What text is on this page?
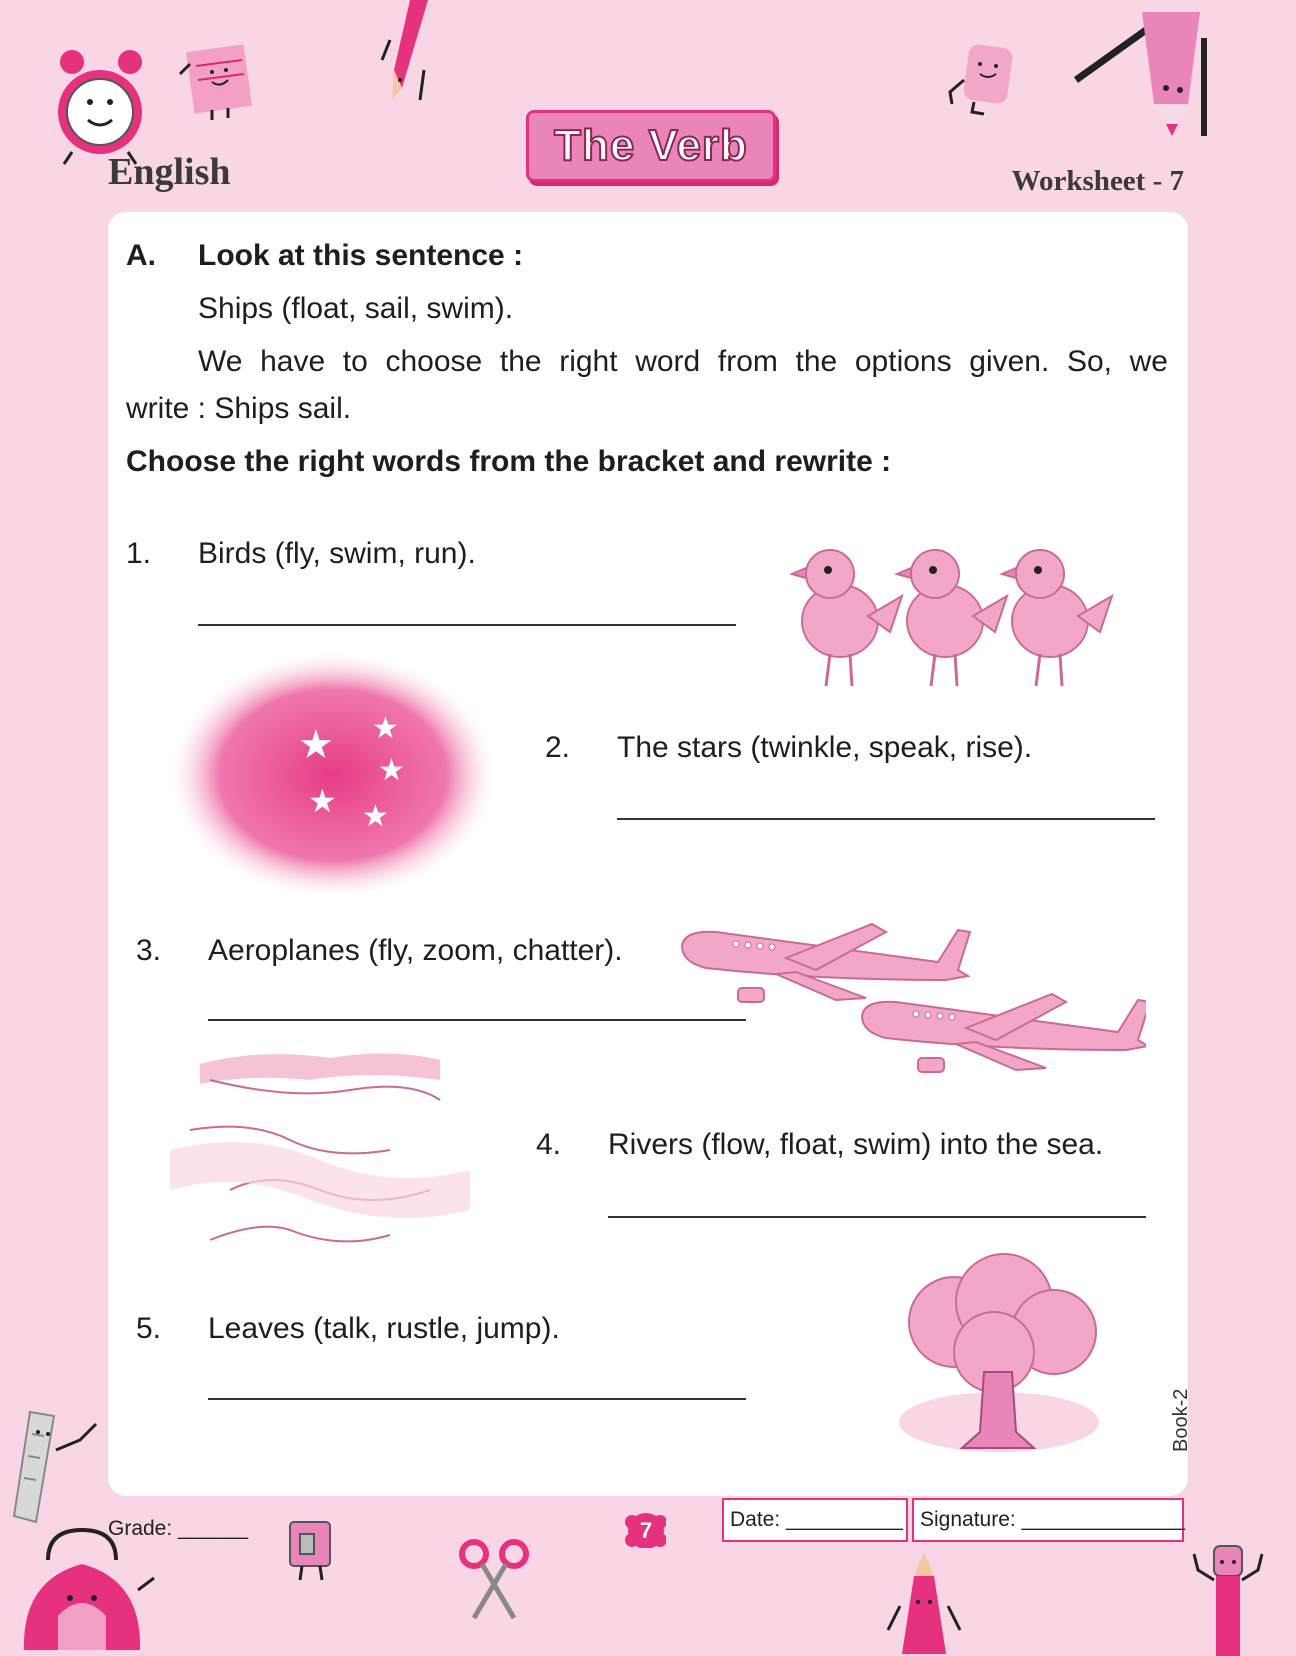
English
The Verb
Worksheet - 7
A. Look at this sentence :
Ships (float, sail, swim).
We have to choose the right word from the options given. So, we
write : Ships sail.
Choose the right words from the bracket and rewrite :
1. Birds (fly, swim, run).
★ ★
★
★ ★
2. The stars (twinkle, speak, rise).
3. Aeroplanes (fly, zoom, chatter).
4. Rivers (flow, float, swim) into the sea.
5. Leaves (talk, rustle, jump).
Book-2
Grade: ______	7	Date: __________ Signature: ______________
